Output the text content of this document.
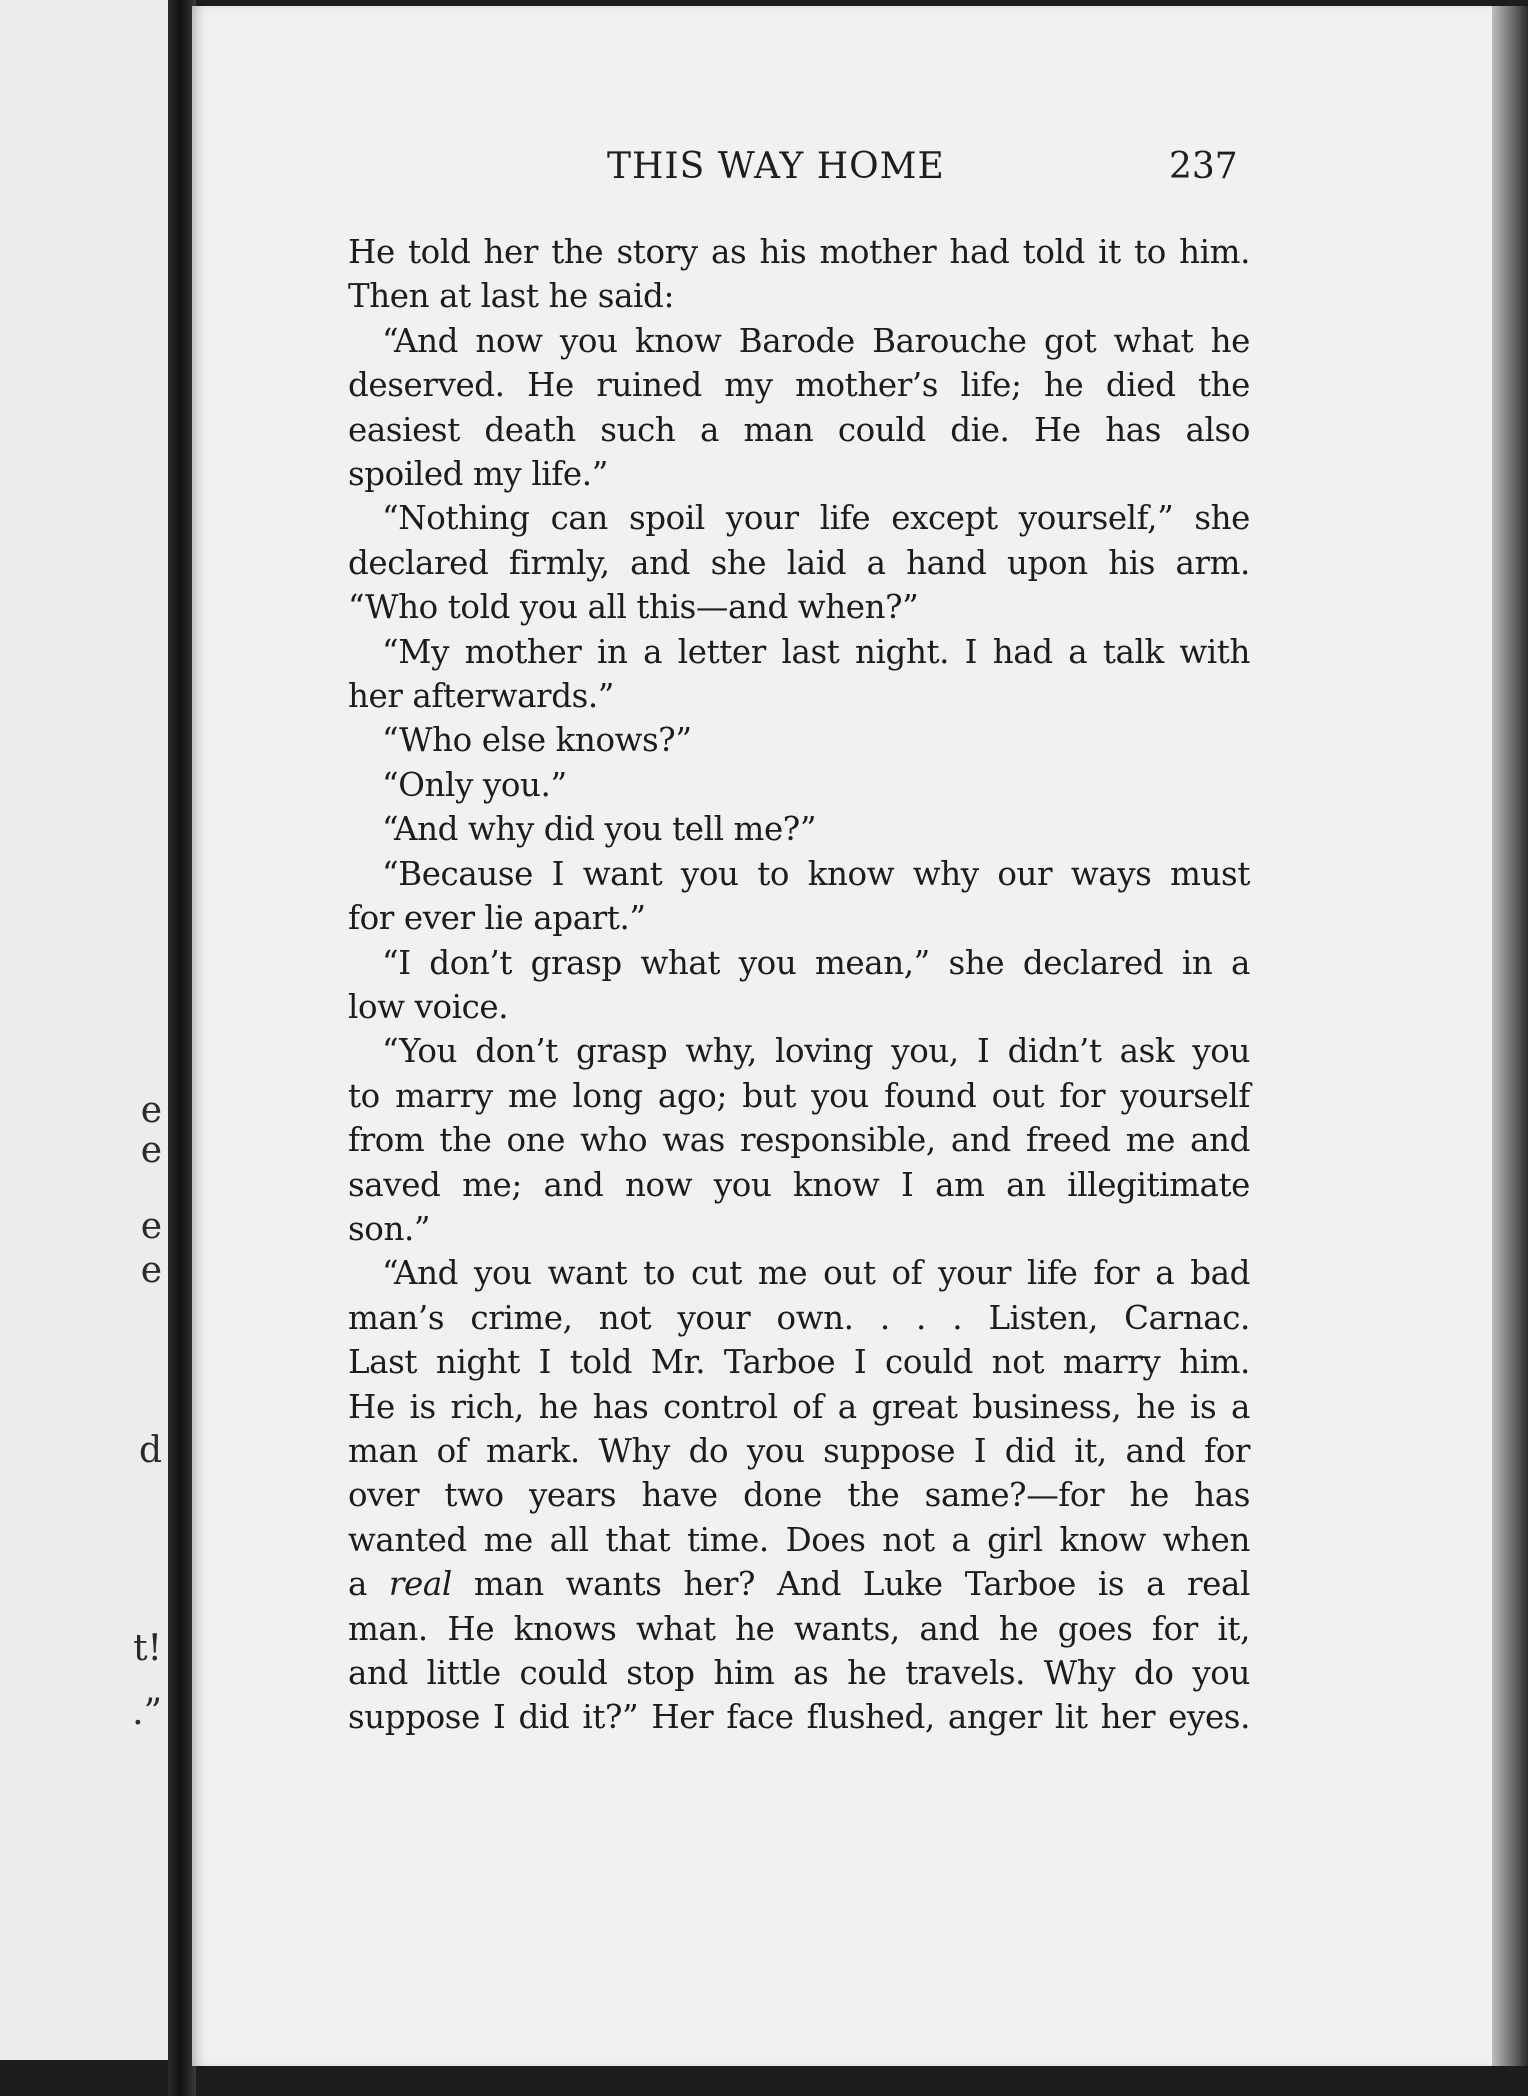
e
e
e
e
d
t!
.”
THIS WAY HOME	237
He told her the story as his mother had told it to him.
Then at last he said:
“And now you know Barode Barouche got what he
deserved. He ruined my mother’s life; he died the
easiest death such a man could die. He has also
spoiled my life.”
“Nothing can spoil your life except yourself,” she
declared firmly, and she laid a hand upon his arm.
“Who told you all this—and when?”
“My mother in a letter last night. I had a talk with
her afterwards.”
“Who else knows?”
“Only you.”
“And why did you tell me?”
“Because I want you to know why our ways must
for ever lie apart.”
“I don’t grasp what you mean,” she declared in a
low voice.
“You don’t grasp why, loving you, I didn’t ask you
to marry me long ago; but you found out for yourself
from the one who was responsible, and freed me and
saved me; and now you know I am an illegitimate
son.”
“And you want to cut me out of your life for a bad
man’s crime, not your own. . . . Listen, Carnac.
Last night I told Mr. Tarboe I could not marry him.
He is rich, he has control of a great business, he is a
man of mark. Why do you suppose I did it, and for
over two years have done the same?—for he has
wanted me all that time. Does not a girl know when
a real man wants her? And Luke Tarboe is a real
man. He knows what he wants, and he goes for it,
and little could stop him as he travels. Why do you
suppose I did it?” Her face flushed, anger lit her eyes.
